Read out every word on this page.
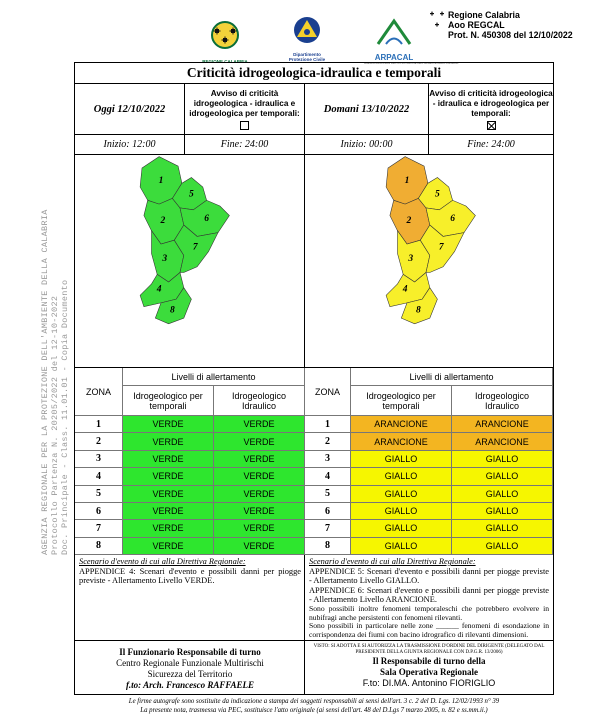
REGIONE CALABRIA
Dipartimento
Protezione Civile	ARPACAL
AGENZIA REGIONALE PER LA PROTEZIONE DELL'AMBIENTE DELLA CALABRIA
Regione Calabria
Aoo REGCAL
Prot. N. 450308 del 12/10/2022
AGENZIA REGIONALE PER LA PROTEZIONE DELL'AMBIENTE DELLA CALABRIA Protocollo Partenza N. 20205/2022 del 12-10-2022 Doc. Principale - Class. 11.01.01 - Copia Documento
Criticità idrogeologica-idraulica e temporali
Oggi 12/10/2022
Avviso di criticità idrogeologica - idraulica e idrogeologica per temporali:	Domani 13/10/2022
Avviso di criticità idrogeologica - idraulica e idrogeologica per temporali:
Inizio: 12:00	Fine: 24:00	Inizio: 00:00	Fine: 24:00
1
2
3
4
5
6
7
8
1
2
3
4
5
6
7
8
ZONA
Livelli di allertamento
Idrogeologico per temporali
Idrogeologico Idraulico
1	VERDE	VERDE
2	VERDE	VERDE
3	VERDE	VERDE
4	VERDE	VERDE
5	VERDE	VERDE
6	VERDE	VERDE
7	VERDE	VERDE
8	VERDE	VERDE
ZONA
Livelli di allertamento
Idrogeologico per temporali
Idrogeologico Idraulico
1	ARANCIONE	ARANCIONE
2	ARANCIONE	ARANCIONE
3	GIALLO	GIALLO
4	GIALLO	GIALLO
5	GIALLO	GIALLO
6	GIALLO	GIALLO
7	GIALLO	GIALLO
8	GIALLO	GIALLO
Scenario d'evento di cui alla Direttiva Regionale:
APPENDICE 4: Scenari d'evento e possibili danni per piogge previste - Allertamento Livello VERDE.
Scenario d'evento di cui alla Direttiva Regionale:
APPENDICE 5: Scenari d'evento e possibili danni per piogge previste - Allertamento Livello GIALLO.
APPENDICE 6: Scenari d'evento e possibili danni per piogge previste - Allertamento Livello ARANCIONE.
Sono possibili inoltre fenomeni temporaleschi che potrebbero evolvere in nubifragi anche persistenti con fenomeni rilevanti.
Sono possibili in particolare nelle zone ______ fenomeni di esondazione in corrispondenza dei fiumi con bacino idrografico di rilevanti dimensioni.
Il Funzionario Responsabile di turno
Centro Regionale Funzionale Multirischi
Sicurezza del Territorio
f.to: Arch. Francesco RAFFAELE
VISTO: SI ADOTTA E SI AUTORIZZA LA TRASMISSIONE D'ORDINE DEL DIRIGENTE (DELEGATO DAL PRESIDENTE DELLA GIUNTA REGIONALE CON D.P.G.R. 13/2006)
Il Responsabile di turno della
Sala Operativa Regionale
F.to: DI.MA. Antonino FIORIGLIO
Le firme autografe sono sostituite da indicazione a stampa dei soggetti responsabili ai sensi dell'art. 3 c. 2 del D. Lgs. 12/02/1993 n° 39
La presente nota, trasmessa via PEC, sostituisce l'atto originale (ai sensi dell'art. 48 del D.Lgs 7 marzo 2005, n. 82 e ss.mm.ii.)
